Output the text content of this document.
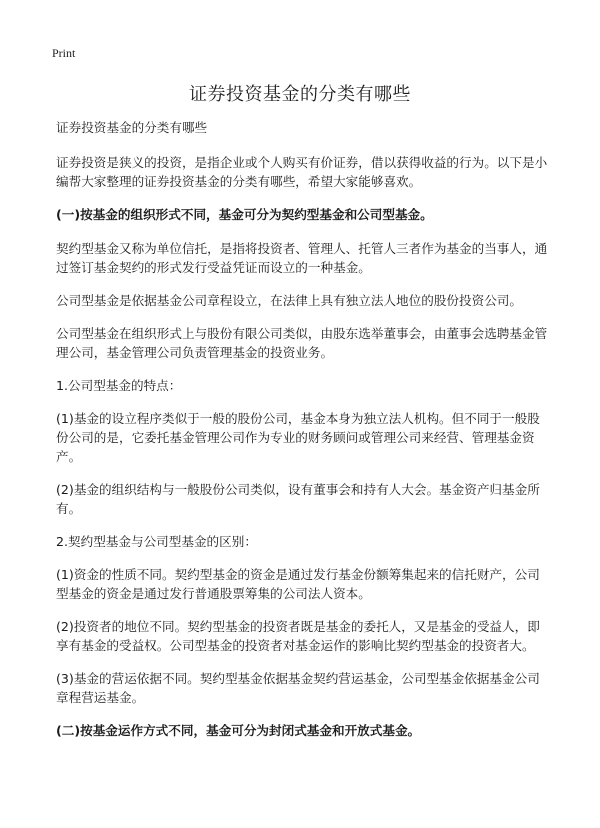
Print
证券投资基金的分类有哪些

证券投资基金的分类有哪些

证券投资是狭义的投资，是指企业或个人购买有价证券，借以获得收益的行为。以下是小编帮大家整理的证券投资基金的分类有哪些，希望大家能够喜欢。

(一)按基金的组织形式不同，基金可分为契约型基金和公司型基金。

契约型基金又称为单位信托，是指将投资者、管理人、托管人三者作为基金的当事人，通过签订基金契约的形式发行受益凭证而设立的一种基金。

公司型基金是依据基金公司章程设立，在法律上具有独立法人地位的股份投资公司。

公司型基金在组织形式上与股份有限公司类似，由股东选举董事会，由董事会选聘基金管理公司，基金管理公司负责管理基金的投资业务。

1.公司型基金的特点：

(1)基金的设立程序类似于一般的股份公司，基金本身为独立法人机构。但不同于一般股份公司的是，它委托基金管理公司作为专业的财务顾问或管理公司来经营、管理基金资产。

(2)基金的组织结构与一般股份公司类似，设有董事会和持有人大会。基金资产归基金所有。

2.契约型基金与公司型基金的区别：

(1)资金的性质不同。契约型基金的资金是通过发行基金份额筹集起来的信托财产，公司型基金的资金是通过发行普通股票筹集的公司法人资本。

(2)投资者的地位不同。契约型基金的投资者既是基金的委托人，又是基金的受益人，即享有基金的受益权。公司型基金的投资者对基金运作的影响比契约型基金的投资者大。

(3)基金的营运依据不同。契约型基金依据基金契约营运基金，公司型基金依据基金公司章程营运基金。

(二)按基金运作方式不同，基金可分为封闭式基金和开放式基金。
